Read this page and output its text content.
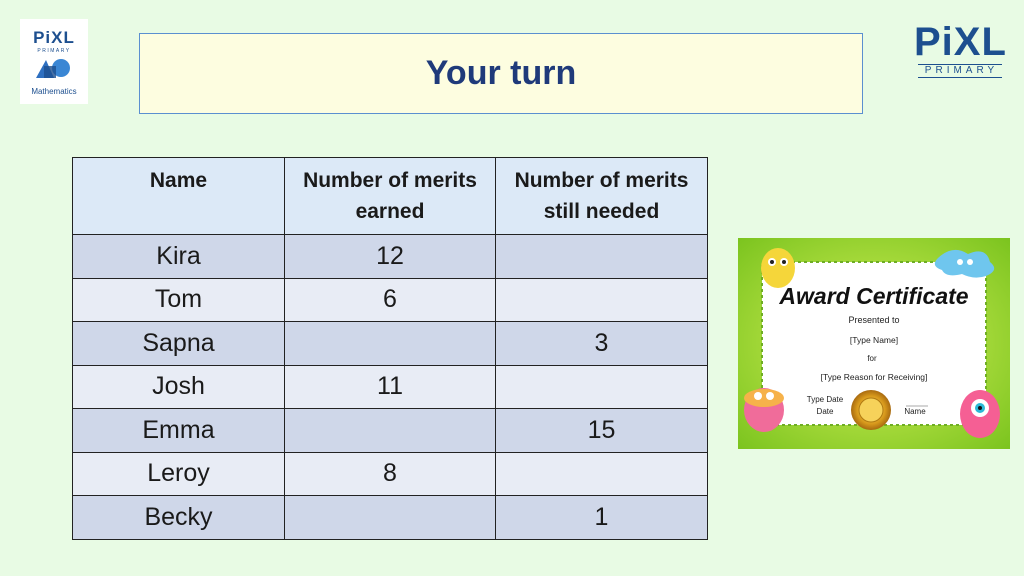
PiXL
PRIMARY
Mathematics
PiXL
PRIMARY
Your turn
Name	Number of merits earned	Number of merits still needed
Kira	12	
Tom	6	
Sapna		3
Josh	11	
Emma		15
Leroy	8	
Becky		1
Award Certificate
Presented to
[Type Name]
for
[Type Reason for Receiving]
Type Date
Date	Name
